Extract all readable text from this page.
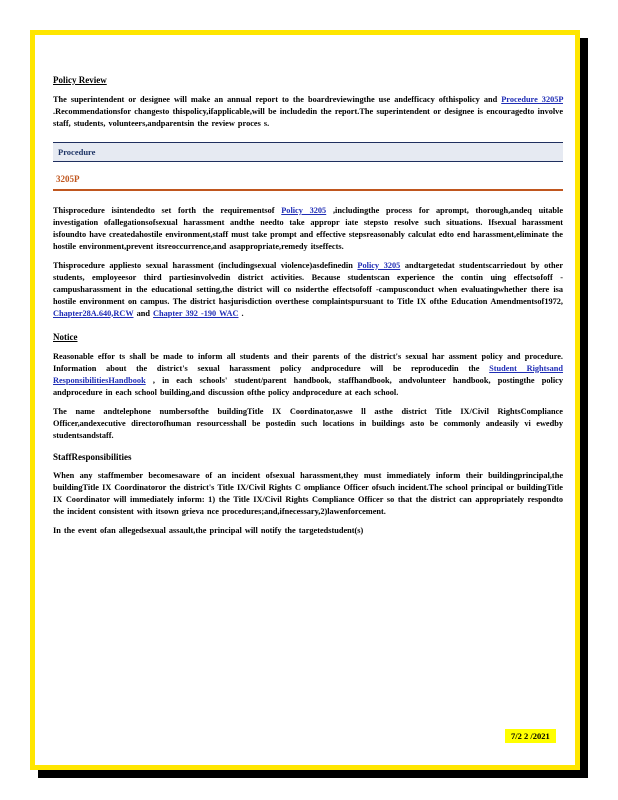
Policy Review
The superintendent or designee will make an annual report to the boardreviewingthe use andefficacy ofthispolicy and Procedure 3205P .Recommendationsfor changesto thispolicy,ifapplicable,will be includedin the report.The superintendent or designee is encouragedto involve staff, students, volunteers,andparentsin the review proces s.
Procedure
3205P
Thisprocedure isintendedto set forth the requirementsof Policy 3205 ,includingthe process for aprompt, thorough,andeq uitable investigation ofallegationsofsexual harassment andthe needto take appropr iate stepsto resolve such situations. Ifsexual harassment isfoundto have createdahostile environment,staff must take prompt and effective stepsreasonably calculat edto end harassment,eliminate the hostile environment,prevent itsreoccurrence,and asappropriate,remedy itseffects.
Thisprocedure appliesto sexual harassment (includingsexual violence)asdefinedin Policy 3205 andtargetedat studentscarriedout by other students, employeesor third partiesinvolvedin district activities. Because studentscan experience the contin uing effectsofoff -campusharassment in the educational setting,the district will co nsiderthe effectsofoff -campusconduct when evaluatingwhether there isa hostile environment on campus. The district hasjurisdiction overthese complaintspursuant to Title IX ofthe Education Amendmentsof1972, Chapter28A.640,RCW and Chapter 392 -190 WAC .
Notice
Reasonable effor ts shall be made to inform all students and their parents of the district's sexual har assment policy and procedure. Information about the district's sexual harassment policy andprocedure will be reproducedin the Student Rightsand ResponsibilitiesHandbook , in each schools' student/parent handbook, staffhandbook, andvolunteer handbook, postingthe policy andprocedure in each school building,and discussion ofthe policy andprocedure at each school.
The name andtelephone numbersofthe buildingTitle IX Coordinator,aswe ll asthe district Title IX/Civil RightsCompliance Officer,andexecutive directorofhuman resourcesshall be postedin such locations in buildings asto be commonly andeasily vi ewedby studentsandstaff.
StaffResponsibilities
When any staffmember becomesaware of an incident ofsexual harassment,they must immediately inform their buildingprincipal,the buildingTitle IX Coordinatoror the district's Title IX/Civil Rights C ompliance Officer ofsuch incident.The school principal or buildingTitle IX Coordinator will immediately inform: 1) the Title IX/Civil Rights Compliance Officer so that the district can appropriately respondto the incident consistent with itsown grieva nce procedures;and,ifnecessary,2)lawenforcement.
In the event ofan allegedsexual assault,the principal will notify the targetedstudent(s)
7/2 2 /2021
